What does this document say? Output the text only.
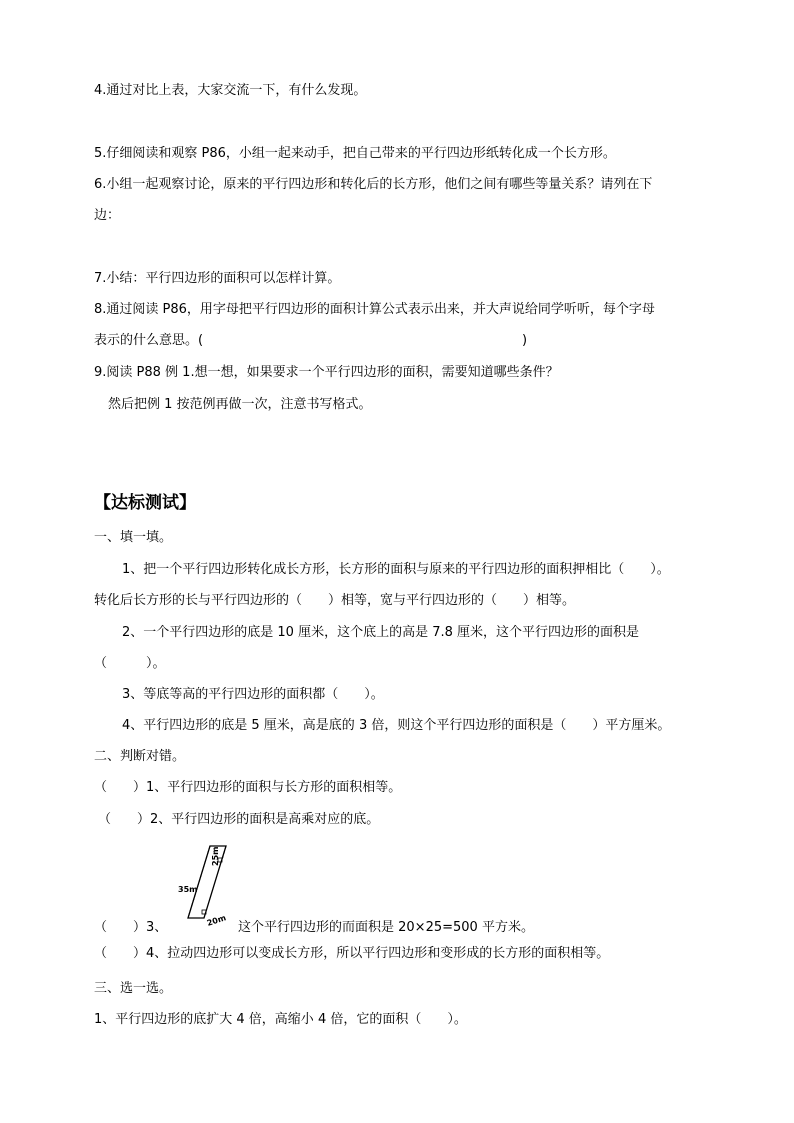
4.通过对比上表，大家交流一下，有什么发现。
5.仔细阅读和观察 P86，小组一起来动手，把自己带来的平行四边形纸转化成一个长方形。
6.小组一起观察讨论，原来的平行四边形和转化后的长方形，他们之间有哪些等量关系？请列在下
边：
7.小结：平行四边形的面积可以怎样计算。
8.通过阅读 P86，用字母把平行四边形的面积计算公式表示出来，并大声说给同学听听，每个字母
表示的什么意思。(	)
9.阅读 P88 例 1.想一想，如果要求一个平行四边形的面积，需要知道哪些条件？
然后把例 1 按范例再做一次，注意书写格式。
【达标测试】
一、填一填。
1、把一个平行四边形转化成长方形，长方形的面积与原来的平行四边形的面积押相比（　　）。
转化后长方形的长与平行四边形的（　　）相等，宽与平行四边形的（　　）相等。
2、一个平行四边形的底是 10 厘米，这个底上的高是 7.8 厘米，这个平行四边形的面积是
（　　　）。
3、等底等高的平行四边形的面积都（　　）。
4、平行四边形的底是 5 厘米，高是底的 3 倍，则这个平行四边形的面积是（　　）平方厘米。
二、判断对错。
（　　）1、平行四边形的面积与长方形的面积相等。
（　　）2、平行四边形的面积是高乘对应的底。
25m
35m
20m
（　　）3、	这个平行四边形的而面积是 20×25=500 平方米。
（　　）4、拉动四边形可以变成长方形，所以平行四边形和变形成的长方形的面积相等。
三、选一选。
1、平行四边形的底扩大 4 倍，高缩小 4 倍，它的面积（　　）。
